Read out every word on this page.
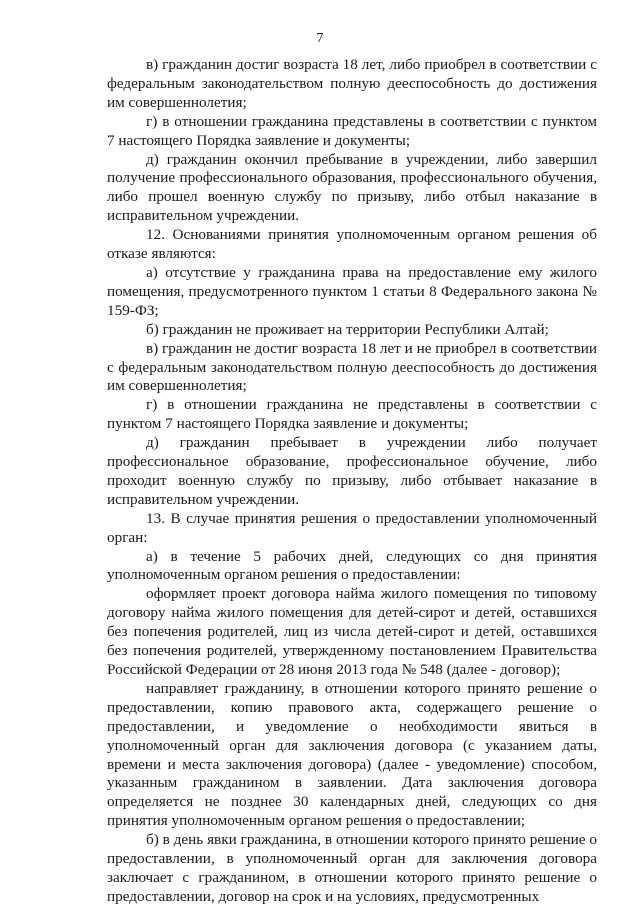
7

в) гражданин достиг возраста 18 лет, либо приобрел в соответствии с федеральным законодательством полную дееспособность до достижения им совершеннолетия;

г) в отношении гражданина представлены в соответствии с пунктом 7 настоящего Порядка заявление и документы;

д) гражданин окончил пребывание в учреждении, либо завершил получение профессионального образования, профессионального обучения, либо прошел военную службу по призыву, либо отбыл наказание в исправительном учреждении.

12. Основаниями принятия уполномоченным органом решения об отказе являются:

а) отсутствие у гражданина права на предоставление ему жилого помещения, предусмотренного пунктом 1 статьи 8 Федерального закона № 159-ФЗ;

б) гражданин не проживает на территории Республики Алтай;

в) гражданин не достиг возраста 18 лет и не приобрел в соответствии с федеральным законодательством полную дееспособность до достижения им совершеннолетия;

г) в отношении гражданина не представлены в соответствии с пунктом 7 настоящего Порядка заявление и документы;

д) гражданин пребывает в учреждении либо получает профессиональное образование, профессиональное обучение, либо проходит военную службу по призыву, либо отбывает наказание в исправительном учреждении.

13. В случае принятия решения о предоставлении уполномоченный орган:

а) в течение 5 рабочих дней, следующих со дня принятия уполномоченным органом решения о предоставлении:

оформляет проект договора найма жилого помещения по типовому договору найма жилого помещения для детей-сирот и детей, оставшихся без попечения родителей, лиц из числа детей-сирот и детей, оставшихся без попечения родителей, утвержденному постановлением Правительства Российской Федерации от 28 июня 2013 года № 548 (далее - договор);

направляет гражданину, в отношении которого принято решение о предоставлении, копию правового акта, содержащего решение о предоставлении, и уведомление о необходимости явиться в уполномоченный орган для заключения договора (с указанием даты, времени и места заключения договора) (далее - уведомление) способом, указанным гражданином в заявлении. Дата заключения договора определяется не позднее 30 календарных дней, следующих со дня принятия уполномоченным органом решения о предоставлении;

б) в день явки гражданина, в отношении которого принято решение о предоставлении, в уполномоченный орган для заключения договора заключает с гражданином, в отношении которого принято решение о предоставлении, договор на срок и на условиях, предусмотренных
